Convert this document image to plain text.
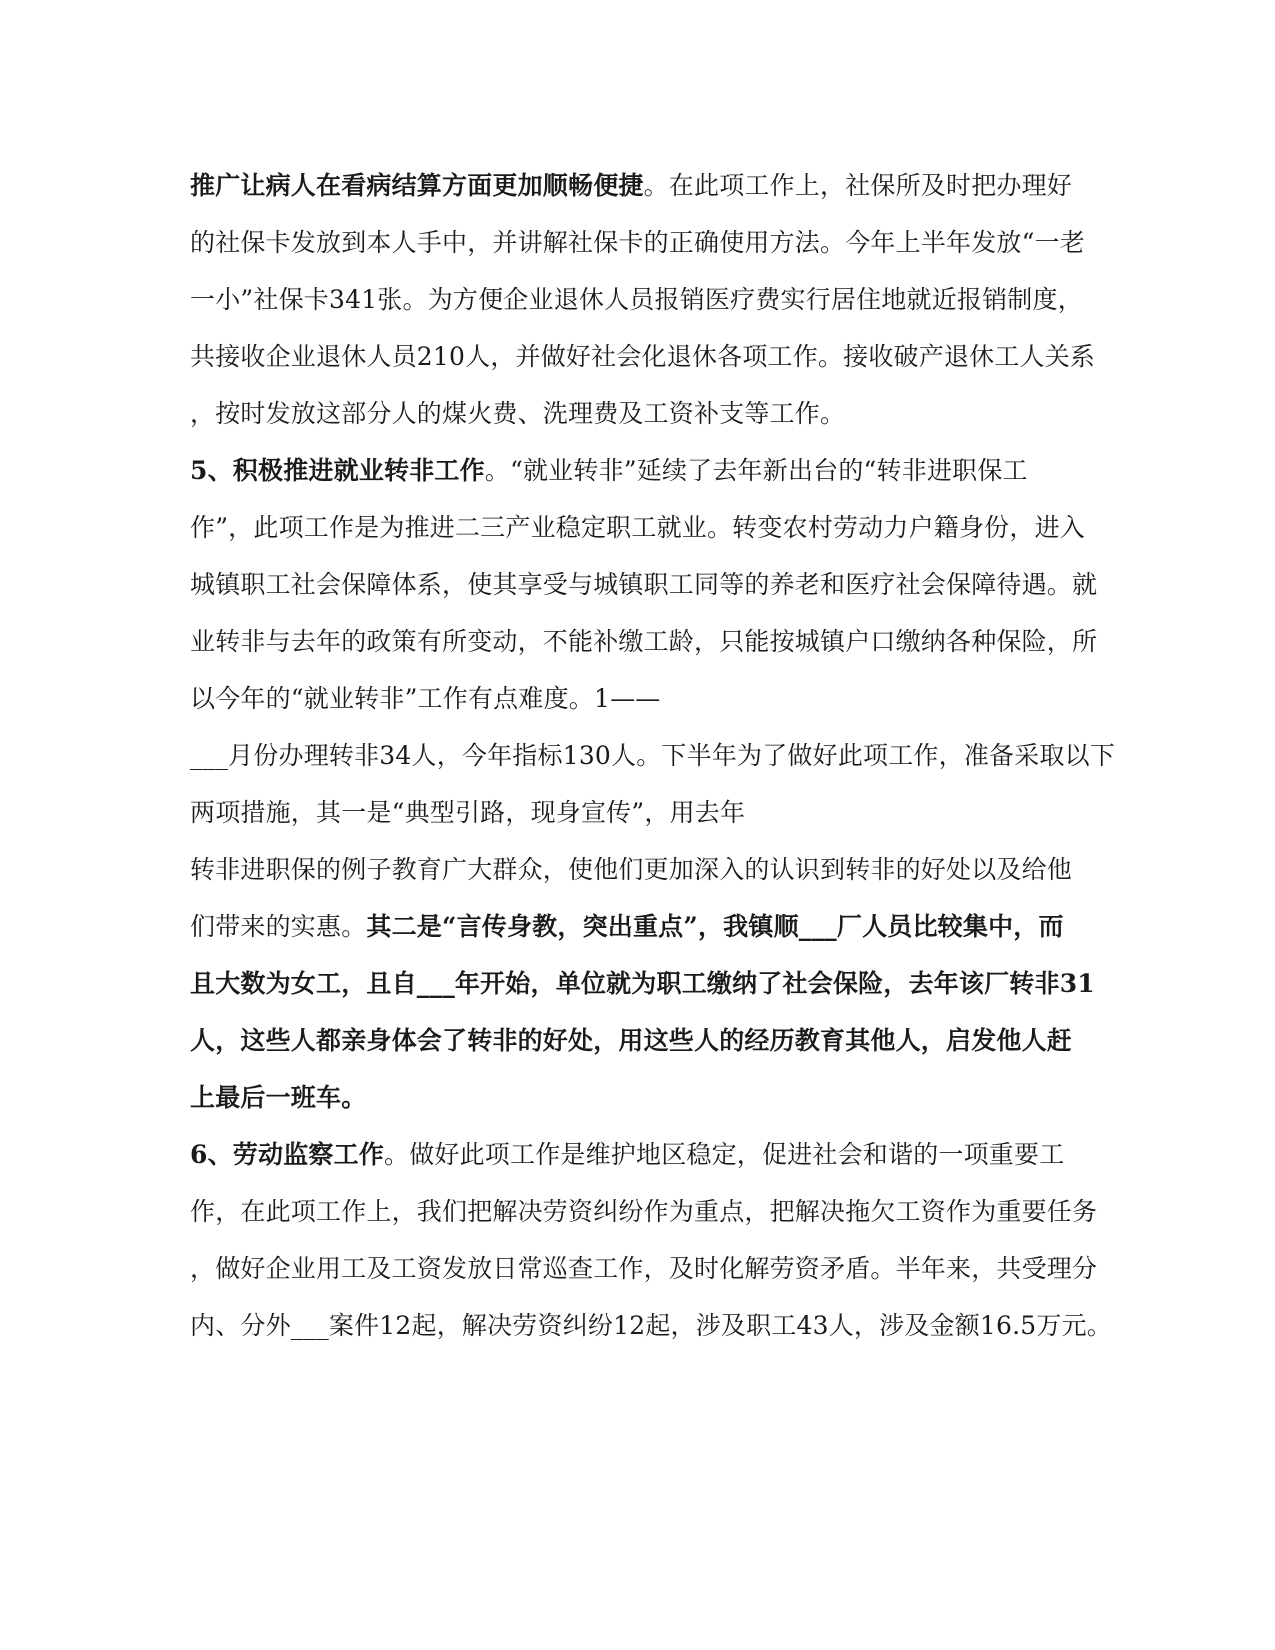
推广让病人在看病结算方面更加顺畅便捷。在此项工作上，社保所及时把办理好
的社保卡发放到本人手中，并讲解社保卡的正确使用方法。今年上半年发放“一老
一小”社保卡341张。为方便企业退休人员报销医疗费实行居住地就近报销制度，
共接收企业退休人员210人，并做好社会化退休各项工作。接收破产退休工人关系
，按时发放这部分人的煤火费、洗理费及工资补支等工作。
5、积极推进就业转非工作。“就业转非”延续了去年新出台的“转非进职保工
作”，此项工作是为推进二三产业稳定职工就业。转变农村劳动力户籍身份，进入
城镇职工社会保障体系，使其享受与城镇职工同等的养老和医疗社会保障待遇。就
业转非与去年的政策有所变动，不能补缴工龄，只能按城镇户口缴纳各种保险，所
以今年的“就业转非”工作有点难度。1——
___月份办理转非34人，今年指标130人。下半年为了做好此项工作，准备采取以下
两项措施，其一是“典型引路，现身宣传”，用去年
转非进职保的例子教育广大群众，使他们更加深入的认识到转非的好处以及给他
们带来的实惠。其二是“言传身教，突出重点”，我镇顺___厂人员比较集中，而
且大数为女工，且自___年开始，单位就为职工缴纳了社会保险，去年该厂转非31
人，这些人都亲身体会了转非的好处，用这些人的经历教育其他人，启发他人赶
上最后一班车。
6、劳动监察工作。做好此项工作是维护地区稳定，促进社会和谐的一项重要工
作，在此项工作上，我们把解决劳资纠纷作为重点，把解决拖欠工资作为重要任务
，做好企业用工及工资发放日常巡查工作，及时化解劳资矛盾。半年来，共受理分
内、分外___案件12起，解决劳资纠纷12起，涉及职工43人，涉及金额16.5万元。
